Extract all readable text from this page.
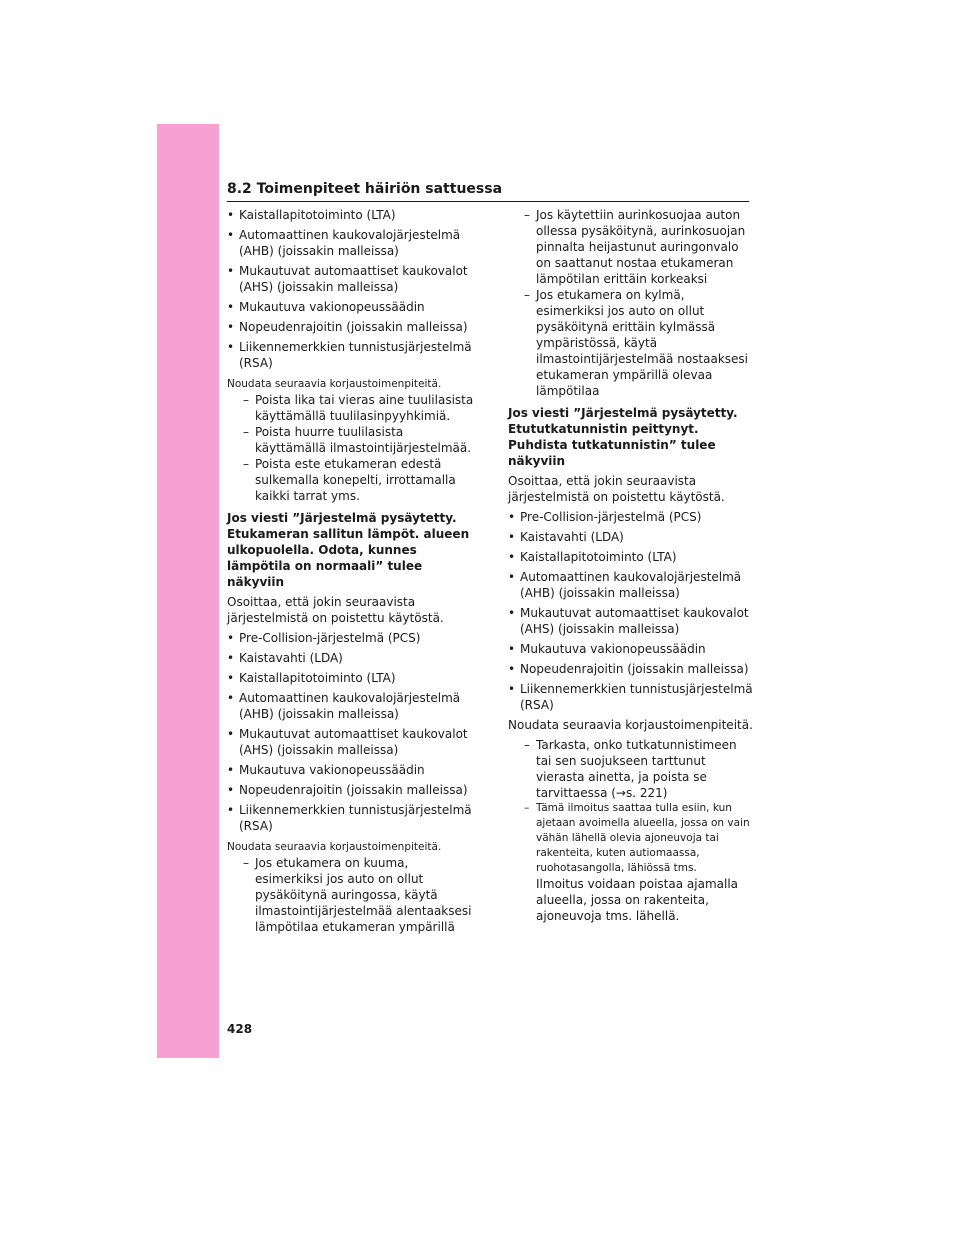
8.2 Toimenpiteet häiriön sattuessa
• Kaistallapitotoiminto (LTA)
• Automaattinen kaukovalojärjestelmä (AHB) (joissakin malleissa)
• Mukautuvat automaattiset kaukovalot (AHS) (joissakin malleissa)
• Mukautuva vakionopeussäädin
• Nopeudenrajoitin (joissakin malleissa)
• Liikennemerkkien tunnistusjärjestelmä (RSA)
Noudata seuraavia korjaustoimenpiteitä.
– Poista lika tai vieras aine tuulilasista käyttämällä tuulilasinpyyhkimiä.
– Poista huurre tuulilasista käyttämällä ilmastointijärjestelmää.
– Poista este etukameran edestä sulkemalla konepelti, irrottamalla kaikki tarrat yms.
Jos viesti ”Järjestelmä pysäytetty. Etukameran sallitun lämpöt. alueen ulkopuolella. Odota, kunnes lämpötila on normaali” tulee näkyviin
Osoittaa, että jokin seuraavista järjestelmistä on poistettu käytöstä.
• Pre-Collision-järjestelmä (PCS)
• Kaistavahti (LDA)
• Kaistallapitotoiminto (LTA)
• Automaattinen kaukovalojärjestelmä (AHB) (joissakin malleissa)
• Mukautuvat automaattiset kaukovalot (AHS) (joissakin malleissa)
• Mukautuva vakionopeussäädin
• Nopeudenrajoitin (joissakin malleissa)
• Liikennemerkkien tunnistusjärjestelmä (RSA)
Noudata seuraavia korjaustoimenpiteitä.
– Jos etukamera on kuuma, esimerkiksi jos auto on ollut pysäköitynä auringossa, käytä ilmastointijärjestelmää alentaaksesi lämpötilaa etukameran ympärillä
– Jos käytettiin aurinkosuojaa auton ollessa pysäköitynä, aurinkosuojan pinnalta heijastunut auringonvalo on saattanut nostaa etukameran lämpötilan erittäin korkeaksi
– Jos etukamera on kylmä, esimerkiksi jos auto on ollut pysäköitynä erittäin kylmässä ympäristössä, käytä ilmastointijärjestelmää nostaaksesi etukameran ympärillä olevaa lämpötilaa
Jos viesti ”Järjestelmä pysäytetty. Etututkatunnistin peittynyt. Puhdista tutkatunnistin” tulee näkyviin
Osoittaa, että jokin seuraavista järjestelmistä on poistettu käytöstä.
• Pre-Collision-järjestelmä (PCS)
• Kaistavahti (LDA)
• Kaistallapitotoiminto (LTA)
• Automaattinen kaukovalojärjestelmä (AHB) (joissakin malleissa)
• Mukautuvat automaattiset kaukovalot (AHS) (joissakin malleissa)
• Mukautuva vakionopeussäädin
• Nopeudenrajoitin (joissakin malleissa)
• Liikennemerkkien tunnistusjärjestelmä (RSA)
Noudata seuraavia korjaustoimenpiteitä.
– Tarkasta, onko tutkatunnistimeen tai sen suojukseen tarttunut vierasta ainetta, ja poista se tarvittaessa (→s. 221)
– Tämä ilmoitus saattaa tulla esiin, kun ajetaan avoimella alueella, jossa on vain vähän lähellä olevia ajoneuvoja tai rakenteita, kuten autiomaassa, ruohotasangolla, lähiössä tms.
Ilmoitus voidaan poistaa ajamalla alueella, jossa on rakenteita, ajoneuvoja tms. lähellä.
428
